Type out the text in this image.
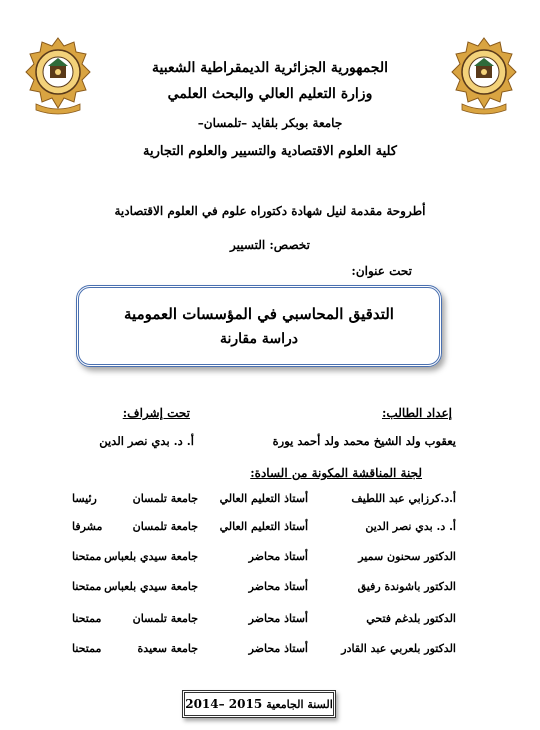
الجمهورية الجزائرية الديمقراطية الشعبية
وزارة التعليم العالي والبحث العلمي
جامعة بوبكر بلقايد –تلمسان–
كلية العلوم الاقتصادية والتسيير والعلوم التجارية
أطروحة مقدمة لنيل شهادة دكتوراه علوم في العلوم الاقتصادية
تخصص: التسيير
تحت عنوان:
التدقيق المحاسبي في المؤسسات العمومية
دراسة مقارنة
إعداد الطالب:
يعقوب ولد الشيخ محمد ولد أحمد يورة
تحت إشراف:
أ. د. بدي نصر الدين
لجنة المناقشة المكونة من السادة:
أ.د.كرزابي عبد اللطيف
أستاذ التعليم العالي
جامعة تلمسان
رئيسا
أ. د. بدي نصر الدين
أستاذ التعليم العالي
جامعة تلمسان
مشرفا
الدكتور سحنون سمير
أستاذ محاضر
جامعة سيدي بلعباس
ممتحنا
الدكتور باشوندة رفيق
أستاذ محاضر
جامعة سيدي بلعباس
ممتحنا
الدكتور بلدغم فتحي
أستاذ محاضر
جامعة تلمسان
ممتحنا
الدكتور بلعربي عبد القادر
أستاذ محاضر
جامعة سعيدة
ممتحنا
السنة الجامعية
2014– 2015
